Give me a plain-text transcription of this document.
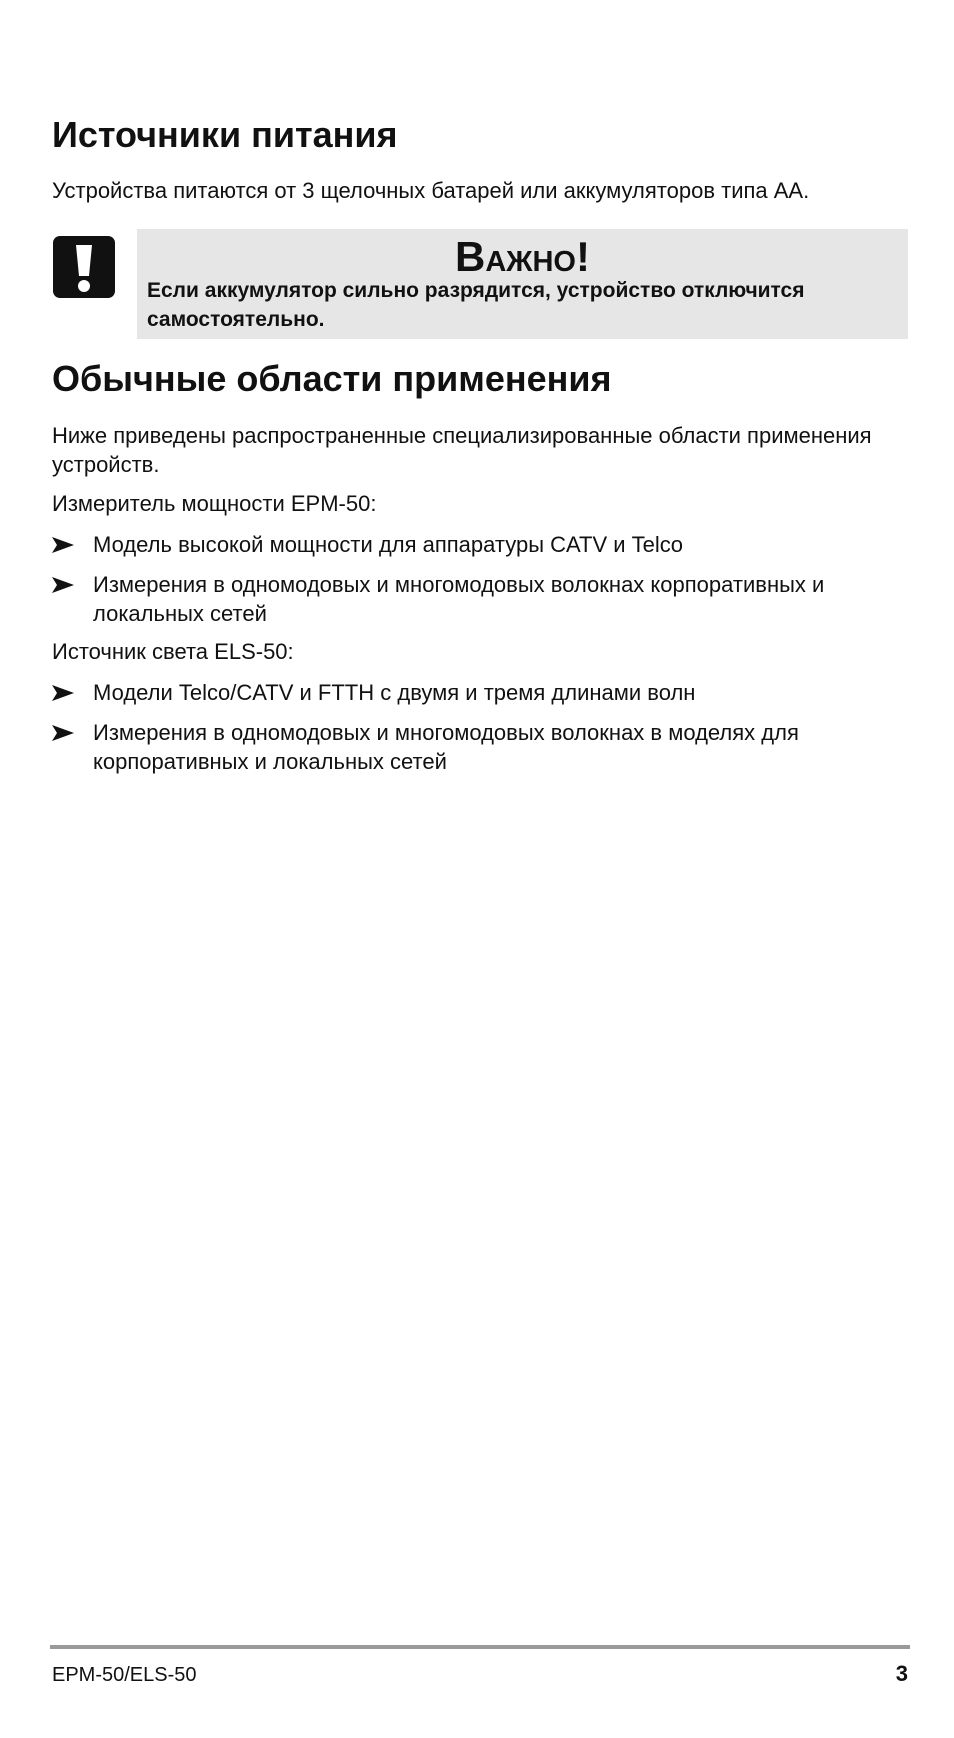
Источники питания

Устройства питаются от 3 щелочных батарей или аккумуляторов типа AA.

Важно!
Если аккумулятор сильно разрядится, устройство отключится самостоятельно.
Обычные области применения

Ниже приведены распространенные специализированные области применения устройств.

Измеритель мощности EPM-50:

Модель высокой мощности для аппаратуры CATV и Telco
Измерения в одномодовых и многомодовых волокнах корпоративных и локальных сетей

Источник света ELS-50:

Модели Telco/CATV и FTTH с двумя и тремя длинами волн
Измерения в одномодовых и многомодовых волокнах в моделях для корпоративных и локальных сетей
EPM-50/ELS-50	3
